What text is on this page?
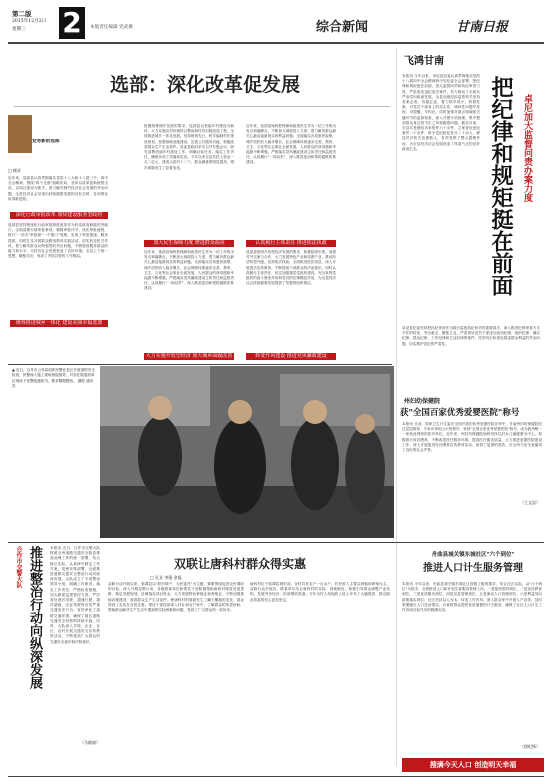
第二版
2015年12月2日
星期三	2	本版责任编辑 党武翼	综合新闻	甘南日报
选部：深化改革促发展
党务影的选部
□ 顾亚
近年来，选部县认真贯彻落实党的十八大和十八届三中、四中全会精神，围绕"四个全面"战略布局，坚持以改革创新统领全局，以项目建设为抓手，着力解决制约经济社会发展的突出问题，全县经济社会呈现出持续健康发展的良好态势，各项事业取得新进展。
深化行政审批改革 加快建设服务型政府
选部县坚持把深化行政审批制度改革作为转变政府职能的突破口，全面清理行政审批事项，精简审批环节，优化审批流程，推行"一站式"审批和"一个窗口"受理，实现了审批提速、服务提质。同时扎实开展群众路线教育实践活动，切实转变机关作风，着力解决群众反映强烈的突出问题，不断提高服务群众的能力和水平，为经济社会发展营造了良好环境。全县上下统一思想、凝聚共识，形成了齐抓共管的工作格局。
统筹推进城乡一体化 建设美丽幸福选部
按照统筹城乡发展的要求，选部县以美丽乡村建设为载体，大力实施农村环境综合整治和村容村貌改造工程，全面推进城乡一体化发展。坚持规划先行，科学编制村庄建设规划，加强基础设施建设，完善公共服务功能，积极改善群众生产生活条件。县委县政府多次召开专题会议，研究部署美丽乡村建设工作，明确目标任务，落实工作责任，确保各项工作落到实处。今年以来全县共投入资金一点二亿元，建成示范村十二个，群众满意度明显提高，城乡面貌发生了显著变化。
加大民生保障力度 增进群众福祉
近年来，选部县始终把保障和改善民生作为一切工作的出发点和落脚点，不断加大财政投入力度，着力解决群众最关心最直接最现实的利益问题。全面落实各项惠民政策，城乡居民收入稳步增长，社会保障体系逐步完善，教育、卫生、文化等社会事业全面发展，人民群众的获得感和幸福感不断增强。严格落实党风廉政建设主体责任和监督责任，认真履行"一岗双责"，深入推进惩治和预防腐败体系建设。
大力实施开放型经济 加大城乡面貌改善
近年来，选部县始终把保障和改善民生作为一切工作的出发点和落脚点，不断加大财政投入力度，着力解决群众最关心最直接最现实的利益问题。全面落实各项惠民政策，城乡居民收入稳步增长，社会保障体系逐步完善，教育、卫生、文化等社会事业全面发展，人民群众的获得感和幸福感不断增强。严格落实党风廉政建设主体责任和监督责任，认真履行"一岗双责"，深入推进惩治和预防腐败体系建设。
认真履行主体责任 推进依法执政
选部县按照开放型经济发展的要求，积极招商引资，加强对外交流与合作，大力发展特色产业和旅游产业，推动经济转型升级。坚持依法执政，全面推进依法治县，深入开展普法宣传教育，不断提高干部群众的法治意识。同时认真履行主体责任，切实加强基层党组织建设，充分发挥党组织的战斗堡垒作用和党员的先锋模范作用，为全县经济社会持续健康发展提供了坚强的组织保证。
转变作风建设 推进党风廉政建设
飞鸿甘南
把纪律和规矩挺在前面 卓尼加大监督问责办案力度
本报讯 今年以来，卓尼县纪委认真贯彻落实党的十八届四中全会精神和中央纪委全会部署，把纪律和规矩挺在前面，加大监督问责和执纪审查力度，严肃查处违纪违法案件，有力推动了全面从严治党向纵深发展。全县各级纪检监察机关坚持有案必查、有腐必惩，着力抓早抓小、防微杜渐，对党员干部身上的苗头性、倾向性问题早发现、早提醒、早纠正。同时加强对重点领域和关键环节的监督检查，深入开展专项治理，集中整治群众身边的不正之风和腐败问题。截至目前，全县共受理信访举报件六十余件，立案查处违纪案件二十余件，给予党纪政纪处分二十余人，移送司法机关处理数人，有效发挥了警示震慑作用，为全县经济社会发展营造了风清气正的良好政治生态。
卓尼县纪委坚持把执纪审查作为践行监督执纪问责的重要抓手，深入推进纪律审查方式方法的转变，突出重点，聚焦主业，严肃查处党员干部违反政治纪律、组织纪律、廉洁纪律、群众纪律、工作纪律和生活纪律的案件，坚决纠正和查处损害群众利益的突出问题，切实维护党纪的严肃性。
▲ 近日，合作市公安局组织民警在县区开展消防安全检查，民警深入施工现场督促指导，对存在隐患的单位现场下发整改通知书，要求限期整改。 摄影 通讯员
州妇幼保健院
获"全国百家优秀爱婴医院"称号
本报讯 日前，国家卫生计生委在全国开展的优秀爱婴医院评审中，甘南州妇幼保健院经过层层推荐、专家评审和公示等程序，荣获"全国百家优秀爱婴医院"称号，成为我州唯一一家获此殊荣的医疗单位。近年来，州妇幼保健院始终坚持以妇女儿童健康为中心，积极推行母乳喂养，不断改善医疗服务环境，提高医疗服务质量，大力推进爱婴医院建设工作，深入开展促进母乳喂养宣传教育活动，取得了显著的成效，在全州乃至全省赢得了良好的社会声誉。
（王文忠）
推进整治行动向纵深发展
合作市交警大队	本报讯 近日，合作市交警大队按照全州道路交通安全隐患排查治理工作的统一部署，结合辖区实际，认真研究制定工作方案，周密安排部署，全面推进道路交通安全整治行动向纵深发展。大队成立了专项整治领导小组，明确工作职责，落实工作责任，严格检查措施，加大路面巡逻管控力度，严厉查处酒后驾驶、超速行驶、超员超载、无证驾驶等各类严重交通违法行为，有效净化了道路交通环境，确保了辖区道路交通安全形势的持续平稳。同时，大队深入学校、企业、社区、农村开展交通安全宣传教育活动，不断提高广大群众的交通安全意识和法制意识。
（马晓斌）
双联让唐科村群众得实惠
□ 孔亚 李强 金磊
双联行动开展以来，临潭县以"联村联户、为民富民"为主题，紧紧围绕促进农民增收的目标，深入开展双联行动，各级联系单位和帮扶干部积极帮助唐科村理清发展思路，制定发展规划，协调落实项目资金，大力发展特色种植业和养殖业，不断加强基础设施建设，改善群众生产生活条件，使唐科村的面貌发生了翻天覆地的变化，群众得到了实实在在的实惠。帮扶干部经常深入村社和农户家中，了解群众的所思所盼，帮助群众解决生产生活中遇到的实际困难和问题，受到了广大群众的一致好评。
唐科村位于临潭县城东部，全村共有农户一百余户，村民收入主要以种植和养殖为主。双联行动开展后，联系单位结合唐科村的实际，因地制宜，积极引导群众调整产业结构，发展劳务经济，拓宽增收渠道。今年全村人均纯收入较上年有了大幅提高，群众脱贫致富的信心更加坚定。
舟曲县城关镇东城社区"六个到位"
推进人口计生服务管理
本报讯 今年以来，舟曲县城关镇东城社区按照上级的要求，结合社区实际，以"六个到位"为抓手，全面推进人口和计划生育服务管理工作。一是组织领导到位，二是宣传教育到位，三是优质服务到位，四是信息管理到位，五是流动人口管理到位，六是利益导向政策落实到位。社区坚持以人为本，转变工作作风，深入群众家中开展入户宣传，及时掌握辖区人口变动情况，为育龄群众提供优质便捷的计生服务，确保了社区人口计生工作各项目标任务的圆满完成。
（徐纪锋）
搜满今天人口 创造明天幸福
